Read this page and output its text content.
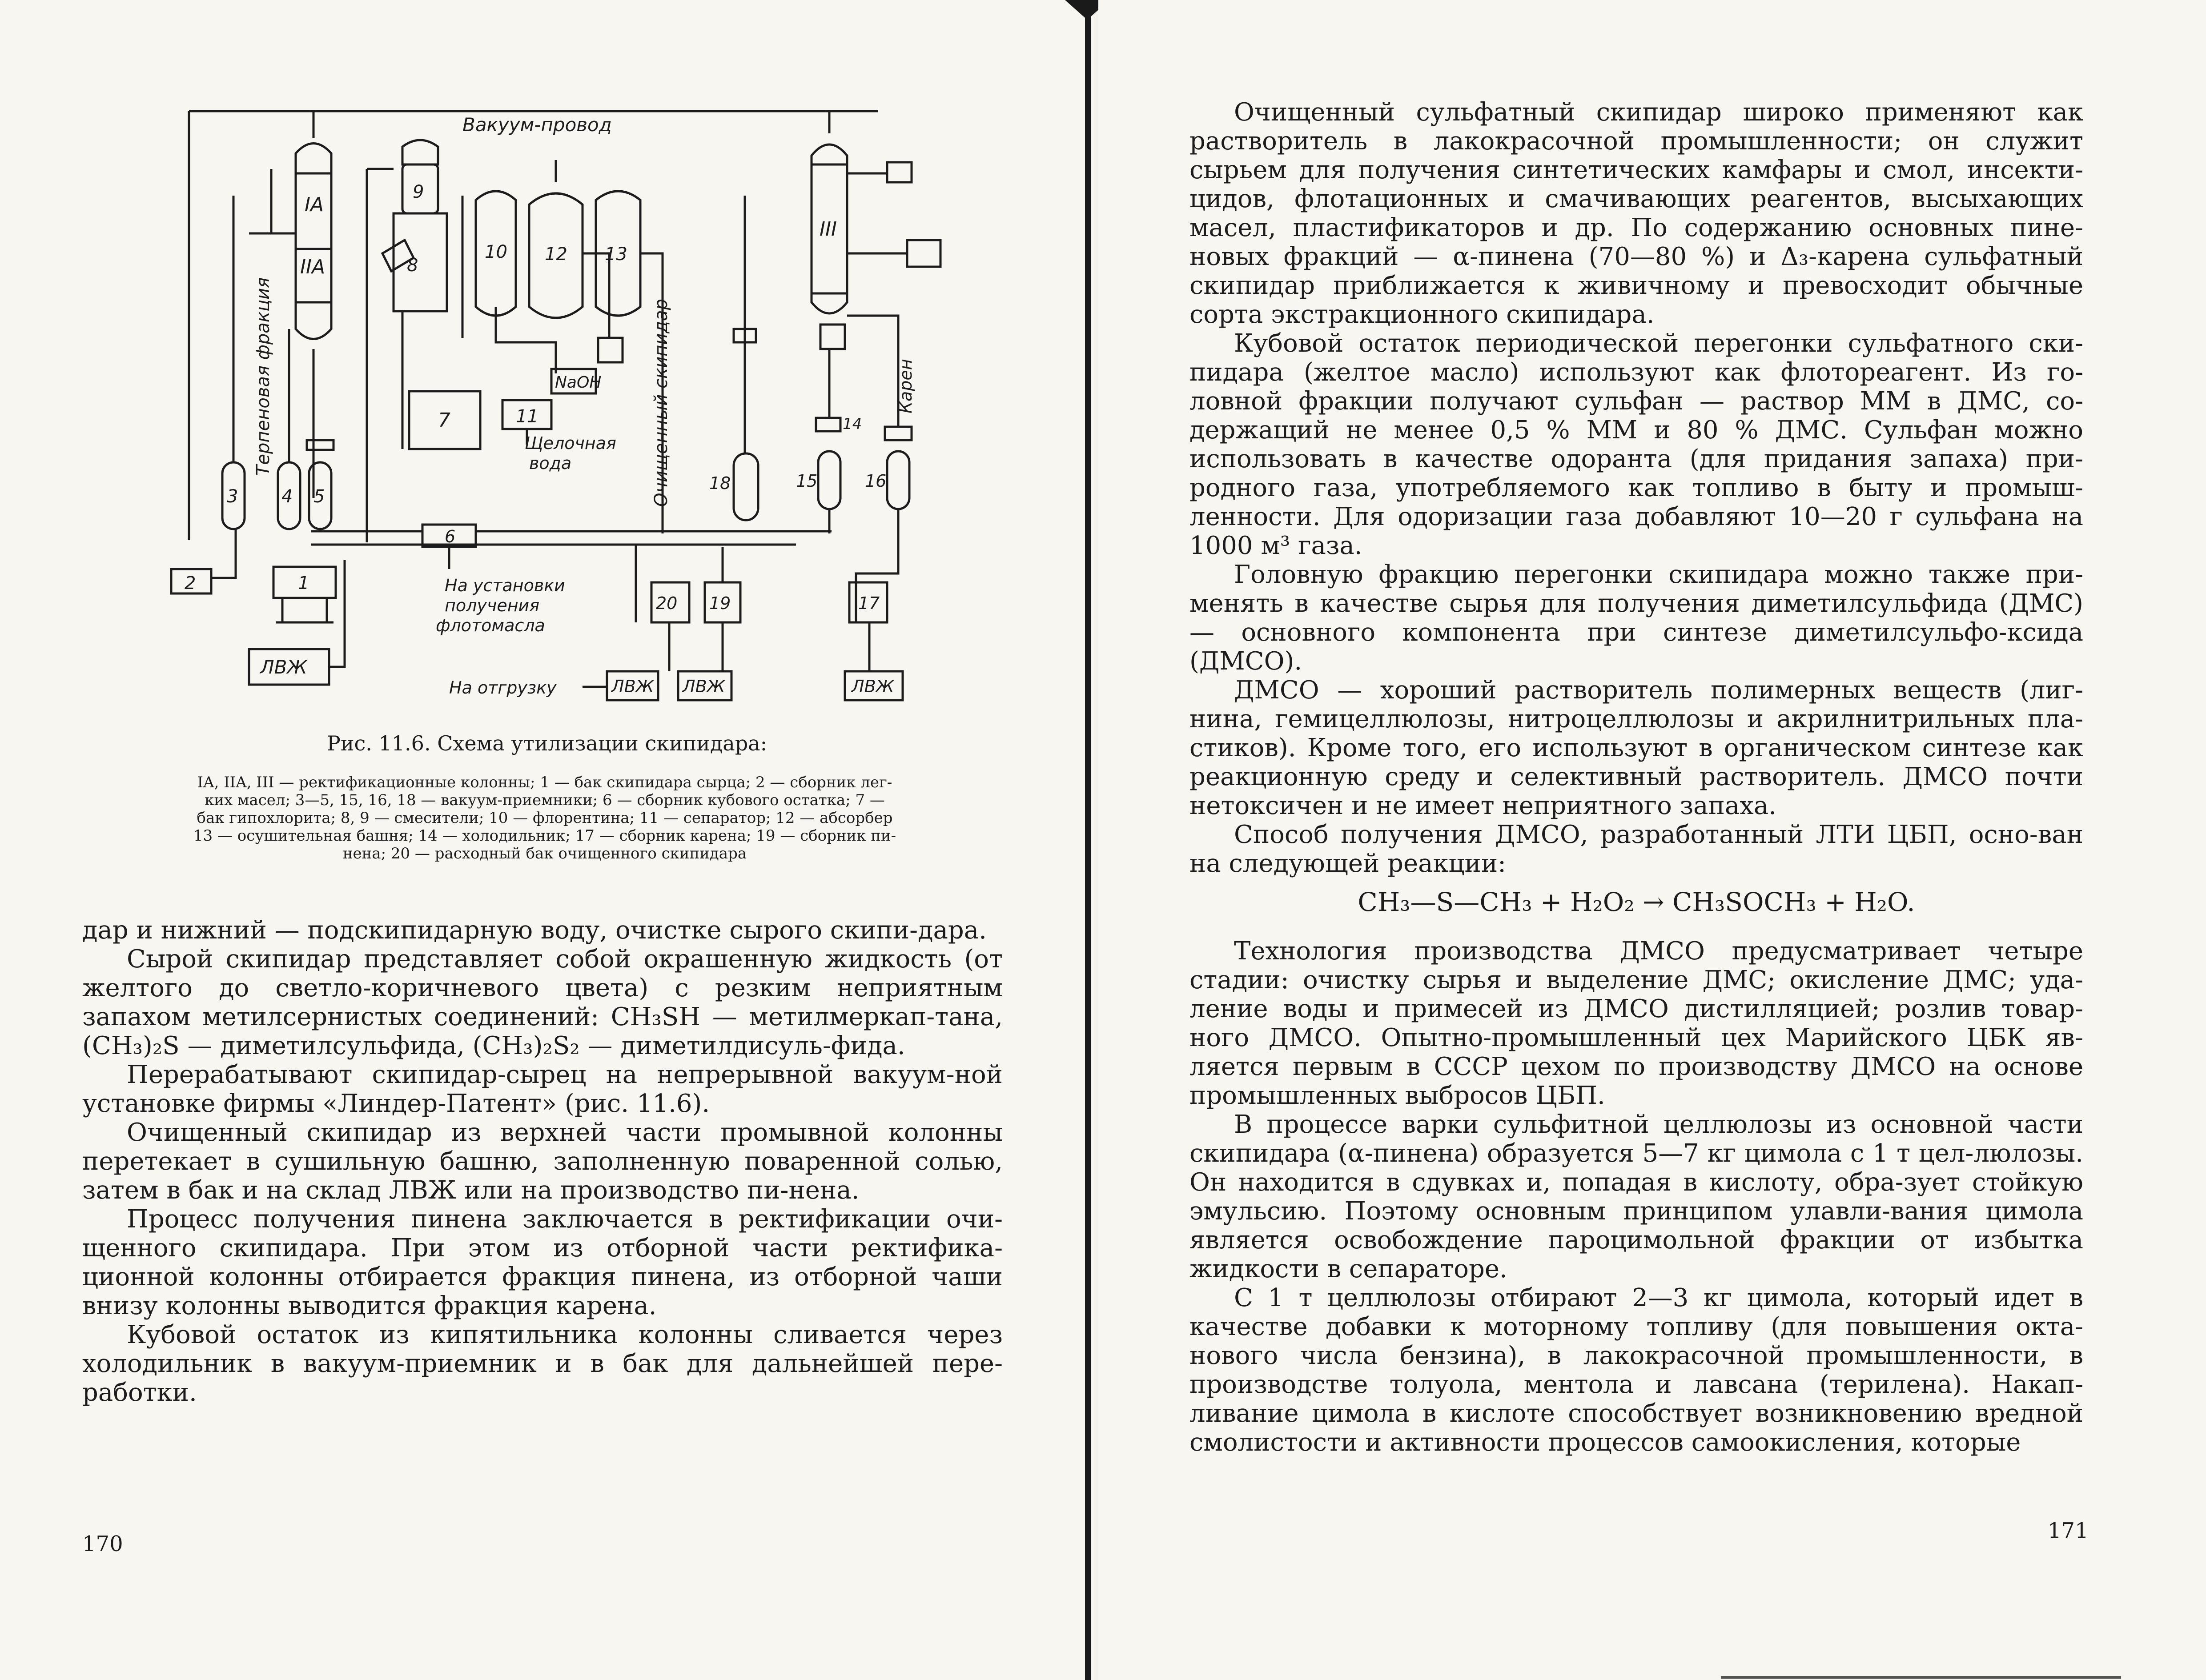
Вакуум-провод
IA
IIA
3 4 5
2	1
ЛВЖ
Терпеновая фракция
9
8
7
10 12 13
NaOH
11
Щелочная
вода	Очищенный скипидар
6
На установки
получения
флотомасла
20 19
18
III
14
15	16
Карен
17
ЛВЖ ЛВЖ	ЛВЖ
На отгрузку
Рис. 11.6. Схема утилизации скипидара:
IA, IIA, III — ректификационные колонны; 1 — бак скипидара сырца; 2 — сборник лег-
ких масел; 3—5, 15, 16, 18 — вакуум-приемники; 6 — сборник кубового остатка; 7 —
бак гипохлорита; 8, 9 — смесители; 10 — флорентина; 11 — сепаратор; 12 — абсорбер
13 — осушительная башня; 14 — холодильник; 17 — сборник карена; 19 — сборник пи-
нена; 20 — расходный бак очищенного скипидара

дар и нижний — подскипидарную воду, очистке сырого скипи-дара.

Сырой скипидар представляет собой окрашенную жидкость (от желтого до светло-коричневого цвета) с резким неприятным запахом метилсернистых соединений: CH₃SH — метилмеркап-тана, (CH₃)₂S — диметилсульфида, (CH₃)₂S₂ — диметилдисуль-фида.

Перерабатывают скипидар-сырец на непрерывной вакуум-ной установке фирмы «Линдер-Патент» (рис. 11.6).

Очищенный скипидар из верхней части промывной колонны перетекает в сушильную башню, заполненную поваренной солью, затем в бак и на склад ЛВЖ или на производство пи-нена.

Процесс получения пинена заключается в ректификации очи-щенного скипидара. При этом из отборной части ректифика-ционной колонны отбирается фракция пинена, из отборной чаши внизу колонны выводится фракция карена.

Кубовой остаток из кипятильника колонны сливается через холодильник в вакуум-приемник и в бак для дальнейшей пере-работки.

170

Очищенный сульфатный скипидар широко применяют как растворитель в лакокрасочной промышленности; он служит сырьем для получения синтетических камфары и смол, инсекти-цидов, флотационных и смачивающих реагентов, высыхающих масел, пластификаторов и др. По содержанию основных пине-новых фракций — α-пинена (70—80 %) и Δ₃-карена сульфатный скипидар приближается к живичному и превосходит обычные сорта экстракционного скипидара.

Кубовой остаток периодической перегонки сульфатного ски-пидара (желтое масло) используют как флотореагент. Из го-ловной фракции получают сульфан — раствор ММ в ДМС, со-держащий не менее 0,5 % ММ и 80 % ДМС. Сульфан можно использовать в качестве одоранта (для придания запаха) при-родного газа, употребляемого как топливо в быту и промыш-ленности. Для одоризации газа добавляют 10—20 г сульфана на 1000 м³ газа.

Головную фракцию перегонки скипидара можно также при-менять в качестве сырья для получения диметилсульфида (ДМС) — основного компонента при синтезе диметилсульфо-ксида (ДМСО).

ДМСО — хороший растворитель полимерных веществ (лиг-нина, гемицеллюлозы, нитроцеллюлозы и акрилнитрильных пла-стиков). Кроме того, его используют в органическом синтезе как реакционную среду и селективный растворитель. ДМСО почти нетоксичен и не имеет неприятного запаха.

Способ получения ДМСО, разработанный ЛТИ ЦБП, осно-ван на следующей реакции:

CH₃—S—CH₃ + H₂O₂ → CH₃SOCH₃ + H₂O.

Технология производства ДМСО предусматривает четыре стадии: очистку сырья и выделение ДМС; окисление ДМС; уда-ление воды и примесей из ДМСО дистилляцией; розлив товар-ного ДМСО. Опытно-промышленный цех Марийского ЦБК яв-ляется первым в СССР цехом по производству ДМСО на основе промышленных выбросов ЦБП.

В процессе варки сульфитной целлюлозы из основной части скипидара (α-пинена) образуется 5—7 кг цимола с 1 т цел-люлозы. Он находится в сдувках и, попадая в кислоту, обра-зует стойкую эмульсию. Поэтому основным принципом улавли-вания цимола является освобождение пароцимольной фракции от избытка жидкости в сепараторе.

С 1 т целлюлозы отбирают 2—3 кг цимола, который идет в качестве добавки к моторному топливу (для повышения окта-нового числа бензина), в лакокрасочной промышленности, в производстве толуола, ментола и лавсана (терилена). Накап-ливание цимола в кислоте способствует возникновению вредной смолистости и активности процессов самоокисления, которые

171
